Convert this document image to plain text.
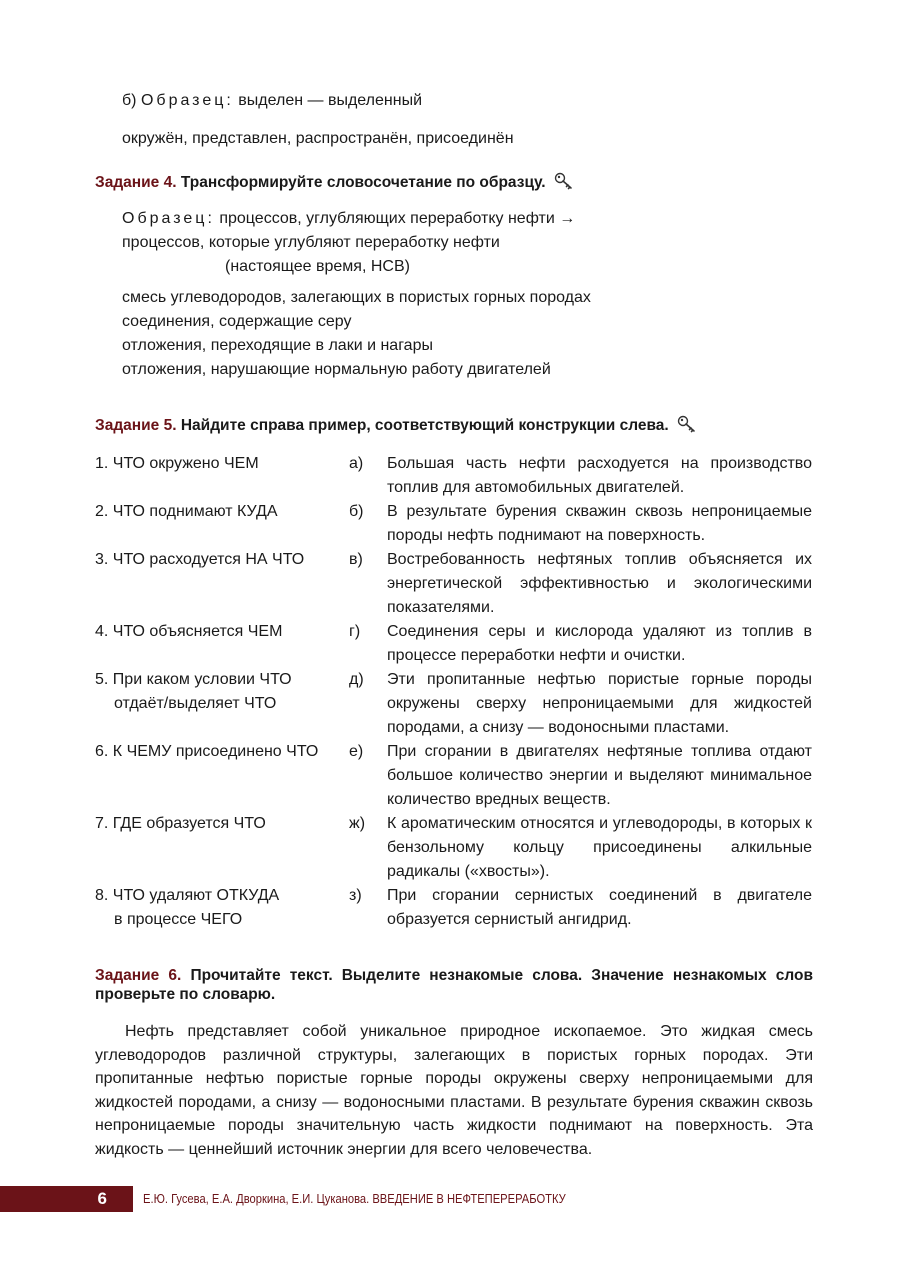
б) Образец: выделен — выделенный
окружён, представлен, распространён, присоединён
Задание 4. Трансформируйте словосочетание по образцу.
Образец: процессов, углубляющих переработку нефти →
процессов, которые углубляют переработку нефти
(настоящее время, НСВ)
смесь углеводородов, залегающих в пористых горных породах
соединения, содержащие серу
отложения, переходящие в лаки и нагары
отложения, нарушающие нормальную работу двигателей
Задание 5. Найдите справа пример, соответствующий конструкции слева.
1. ЧТО окружено ЧЕМ
2. ЧТО поднимают КУДА
3. ЧТО расходуется НА ЧТО
4. ЧТО объясняется ЧЕМ
5. При каком условии ЧТО
отдаёт/выделяет ЧТО
6. К ЧЕМУ присоединено ЧТО
7. ГДЕ образуется ЧТО
8. ЧТО удаляют ОТКУДА
в процессе ЧЕГО
а) Большая часть нефти расходуется на производство топлив для автомобильных двигателей.
б) В результате бурения скважин сквозь непроницаемые породы нефть поднимают на поверхность.
в) Востребованность нефтяных топлив объясняется их энергетической эффективностью и экологическими показателями.
г) Соединения серы и кислорода удаляют из топлив в процессе переработки нефти и очистки.
д) Эти пропитанные нефтью пористые горные породы окружены сверху непроницаемыми для жидкостей породами, а снизу — водоносными пластами.
е) При сгорании в двигателях нефтяные топлива отдают большое количество энергии и выделяют минимальное количество вредных веществ.
ж) К ароматическим относятся и углеводороды, в которых к бензольному кольцу присоединены алкильные радикалы («хвосты»).
з) При сгорании сернистых соединений в двигателе образуется сернистый ангидрид.
Задание 6. Прочитайте текст. Выделите незнакомые слова. Значение незнакомых слов проверьте по словарю.
Нефть представляет собой уникальное природное ископаемое. Это жидкая смесь углеводородов различной структуры, залегающих в пористых горных породах. Эти пропитанные нефтью пористые горные породы окружены сверху непроницаемыми для жидкостей породами, а снизу — водоносными пластами. В результате бурения скважин сквозь непроницаемые породы значительную часть жидкости поднимают на поверхность. Эта жидкость — ценнейший источник энергии для всего человечества.
6	Е.Ю. Гусева, Е.А. Дворкина, Е.И. Цуканова. ВВЕДЕНИЕ В НЕФТЕПЕРЕРАБОТКУ
